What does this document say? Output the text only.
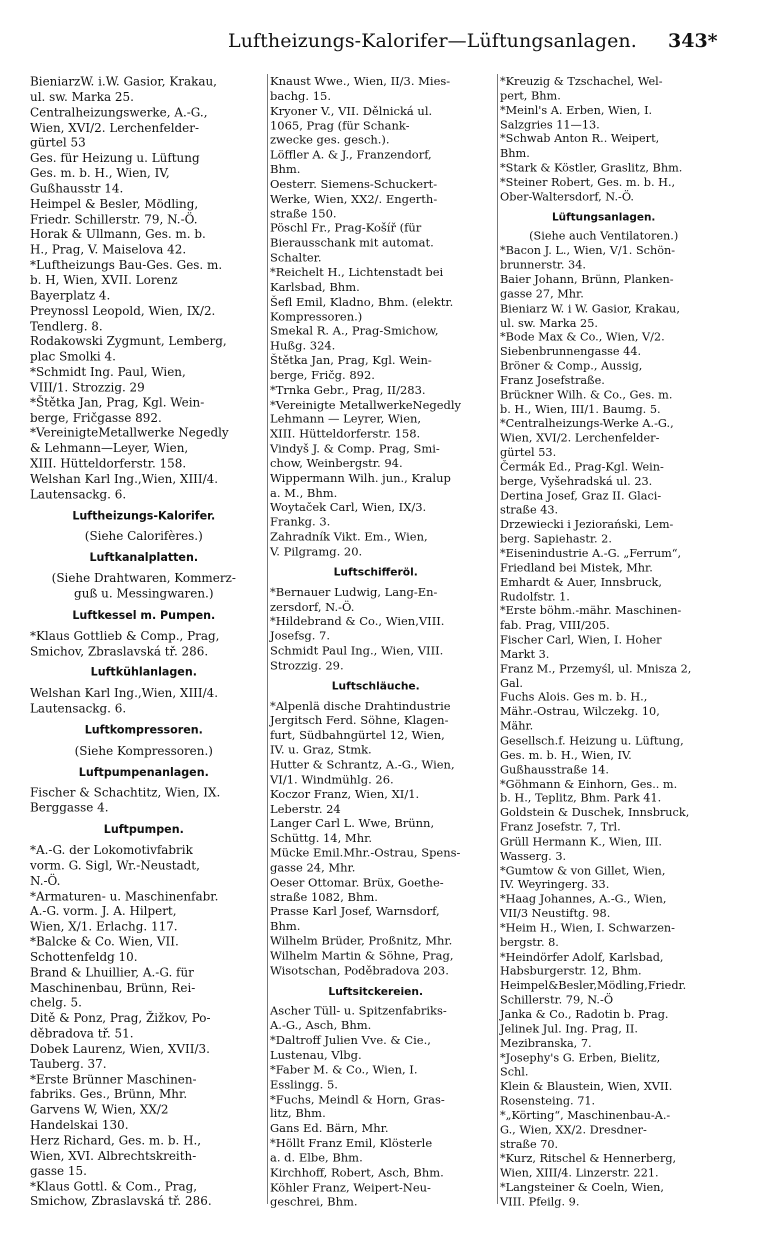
Luftheizungs-Kalorifer—Lüftungsanlagen. 343*
BieniarzW. i.W. Gasior, Krakau,
ul. sw. Marka 25.
Centralheizungswerke, A.-G.,
Wien, XVI/2. Lerchenfelder-
gürtel 53
Ges. für Heizung u. Lüftung
Ges. m. b. H., Wien, IV,
Gußhausstr 14.
Heimpel & Besler, Mödling,
Friedr. Schillerstr. 79, N.-Ö.
Horak & Ullmann, Ges. m. b.
H., Prag, V. Maiselova 42.
*Luftheizungs Bau-Ges. Ges. m.
b. H, Wien, XVII. Lorenz
Bayerplatz 4.
Preynossl Leopold, Wien, IX/2.
Tendlerg. 8.
Rodakowski Zygmunt, Lemberg,
plac Smolki 4.
*Schmidt Ing. Paul, Wien,
VIII/1. Strozzig. 29
*Štětka Jan, Prag, Kgl. Wein-
berge, Fričgasse 892.
*VereinigteMetallwerke Negedly
& Lehmann—Leyer, Wien,
XIII. Hütteldorferstr. 158.
Welshan Karl Ing.,Wien, XIII/4.
Lautensackg. 6.
Luftheizungs-Kalorifer.
(Siehe Calorifères.)
Luftkanalplatten.
(Siehe Drahtwaren, Kommerz-
guß u. Messingwaren.)
Luftkessel m. Pumpen.
*Klaus Gottlieb & Comp., Prag,
Smichov, Zbraslavská tř. 286.
Luftkühlanlagen.
Welshan Karl Ing.,Wien, XIII/4.
Lautensackg. 6.
Luftkompressoren.
(Siehe Kompressoren.)
Luftpumpenanlagen.
Fischer & Schachtitz, Wien, IX.
Berggasse 4.
Luftpumpen.
*A.-G. der Lokomotivfabrik
vorm. G. Sigl, Wr.-Neustadt,
N.-Ö.
*Armaturen- u. Maschinenfabr.
A.-G. vorm. J. A. Hilpert,
Wien, X/1. Erlachg. 117.
*Balcke & Co. Wien, VII.
Schottenfeldg 10.
Brand & Lhuillier, A.-G. für
Maschinenbau, Brünn, Rei-
chelg. 5.
Ditě & Ponz, Prag, Žižkov, Po-
děbradova tř. 51.
Dobek Laurenz, Wien, XVII/3.
Tauberg. 37.
*Erste Brünner Maschinen-
fabriks. Ges., Brünn, Mhr.
Garvens W, Wien, XX/2
Handelskai 130.
Herz Richard, Ges. m. b. H.,
Wien, XVI. Albrechtskreith-
gasse 15.
*Klaus Gottl. & Com., Prag,
Smichow, Zbraslavská tř. 286.
Knaust Wwe., Wien, II/3. Mies-
bachg. 15.
Kryoner V., VII. Dělnická ul.
1065, Prag (für Schank-
zwecke ges. gesch.).
Löffler A. & J., Franzendorf,
Bhm.
Oesterr. Siemens-Schuckert-
Werke, Wien, XX2/. Engerth-
straße 150.
Pöschl Fr., Prag-Košíř (für
Bierausschank mit automat.
Schalter.
*Reichelt H., Lichtenstadt bei
Karlsbad, Bhm.
Šefl Emil, Kladno, Bhm. (elektr.
Kompressoren.)
Smekal R. A., Prag-Smichow,
Hußg. 324.
Štětka Jan, Prag, Kgl. Wein-
berge, Fričg. 892.
*Trnka Gebr., Prag, II/283.
*Vereinigte MetallwerkeNegedly
Lehmann — Leyrer, Wien,
XIII. Hütteldorferstr. 158.
Vindyš J. & Comp. Prag, Smi-
chow, Weinbergstr. 94.
Wippermann Wilh. jun., Kralup
a. M., Bhm.
Woytaček Carl, Wien, IX/3.
Frankg. 3.
Zahradník Vikt. Em., Wien,
V. Pilgramg. 20.
Luftschifferöl.
*Bernauer Ludwig, Lang-En-
zersdorf, N.-Ö.
*Hildebrand & Co., Wien,VIII.
Josefsg. 7.
Schmidt Paul Ing., Wien, VIII.
Strozzig. 29.
Luftschläuche.
*Alpenlä dische Drahtindustrie
Jergitsch Ferd. Söhne, Klagen-
furt, Südbahngürtel 12, Wien,
IV. u. Graz, Stmk.
Hutter & Schrantz, A.-G., Wien,
VI/1. Windmühlg. 26.
Koczor Franz, Wien, XI/1.
Leberstr. 24
Langer Carl L. Wwe, Brünn,
Schüttg. 14, Mhr.
Mücke Emil.Mhr.-Ostrau, Spens-
gasse 24, Mhr.
Oeser Ottomar. Brüx, Goethe-
straße 1082, Bhm.
Prasse Karl Josef, Warnsdorf,
Bhm.
Wilhelm Brüder, Proßnitz, Mhr.
Wilhelm Martin & Söhne, Prag,
Wisotschan, Poděbradova 203.
Luftsitckereien.
Ascher Tüll- u. Spitzenfabriks-
A.-G., Asch, Bhm.
*Daltroff Julien Vve. & Cie.,
Lustenau, Vlbg.
*Faber M. & Co., Wien, I.
Esslingg. 5.
*Fuchs, Meindl & Horn, Gras-
litz, Bhm.
Gans Ed. Bärn, Mhr.
*Höllt Franz Emil, Klösterle
a. d. Elbe, Bhm.
Kirchhoff, Robert, Asch, Bhm.
Köhler Franz, Weipert-Neu-
geschrei, Bhm.
*Kreuzig & Tzschachel, Wel-
pert, Bhm.
*Meinl's A. Erben, Wien, I.
Salzgries 11—13.
*Schwab Anton R.. Weipert,
Bhm.
*Stark & Köstler, Graslitz, Bhm.
*Steiner Robert, Ges. m. b. H.,
Ober-Waltersdorf, N.-Ö.
Lüftungsanlagen.
(Siehe auch Ventilatoren.)
*Bacon J. L., Wien, V/1. Schön-
brunnerstr. 34.
Baier Johann, Brünn, Planken-
gasse 27, Mhr.
Bieniarz W. i W. Gasior, Krakau,
ul. sw. Marka 25.
*Bode Max & Co., Wien, V/2.
Siebenbrunnengasse 44.
Bröner & Comp., Aussig,
Franz Josefstraße.
Brückner Wilh. & Co., Ges. m.
b. H., Wien, III/1. Baumg. 5.
*Centralheizungs-Werke A.-G.,
Wien, XVI/2. Lerchenfelder-
gürtel 53.
Čermák Ed., Prag-Kgl. Wein-
berge, Vyšehradská ul. 23.
Dertina Josef, Graz II. Glaci-
straße 43.
Drzewiecki i Jeziorański, Lem-
berg. Sapiehastr. 2.
*Eisenindustrie A.-G. „Ferrum“,
Friedland bei Mistek, Mhr.
Emhardt & Auer, Innsbruck,
Rudolfstr. 1.
*Erste böhm.-mähr. Maschinen-
fab. Prag, VIII/205.
Fischer Carl, Wien, I. Hoher
Markt 3.
Franz M., Przemyśl, ul. Mnisza 2,
Gal.
Fuchs Alois. Ges m. b. H.,
Mähr.-Ostrau, Wilczekg. 10,
Mähr.
Gesellsch.f. Heizung u. Lüftung,
Ges. m. b. H., Wien, IV.
Gußhausstraße 14.
*Göhmann & Einhorn, Ges.. m.
b. H., Teplitz, Bhm. Park 41.
Goldstein & Duschek, Innsbruck,
Franz Josefstr. 7, Trl.
Grüll Hermann K., Wien, III.
Wasserg. 3.
*Gumtow & von Gillet, Wien,
IV. Weyringerg. 33.
*Haag Johannes, A.-G., Wien,
VII/3 Neustiftg. 98.
*Heim H., Wien, I. Schwarzen-
bergstr. 8.
*Heindörfer Adolf, Karlsbad,
Habsburgerstr. 12, Bhm.
Heimpel&Besler,Mödling,Friedr.
Schillerstr. 79, N.-Ö
Janka & Co., Radotin b. Prag.
Jelinek Jul. Ing. Prag, II.
Mezibranska, 7.
*Josephy's G. Erben, Bielitz,
Schl.
Klein & Blaustein, Wien, XVII.
Rosensteing. 71.
*„Körting“, Maschinenbau-A.-
G., Wien, XX/2. Dresdner-
straße 70.
*Kurz, Ritschel & Hennerberg,
Wien, XIII/4. Linzerstr. 221.
*Langsteiner & Coeln, Wien,
VIII. Pfeilg. 9.
